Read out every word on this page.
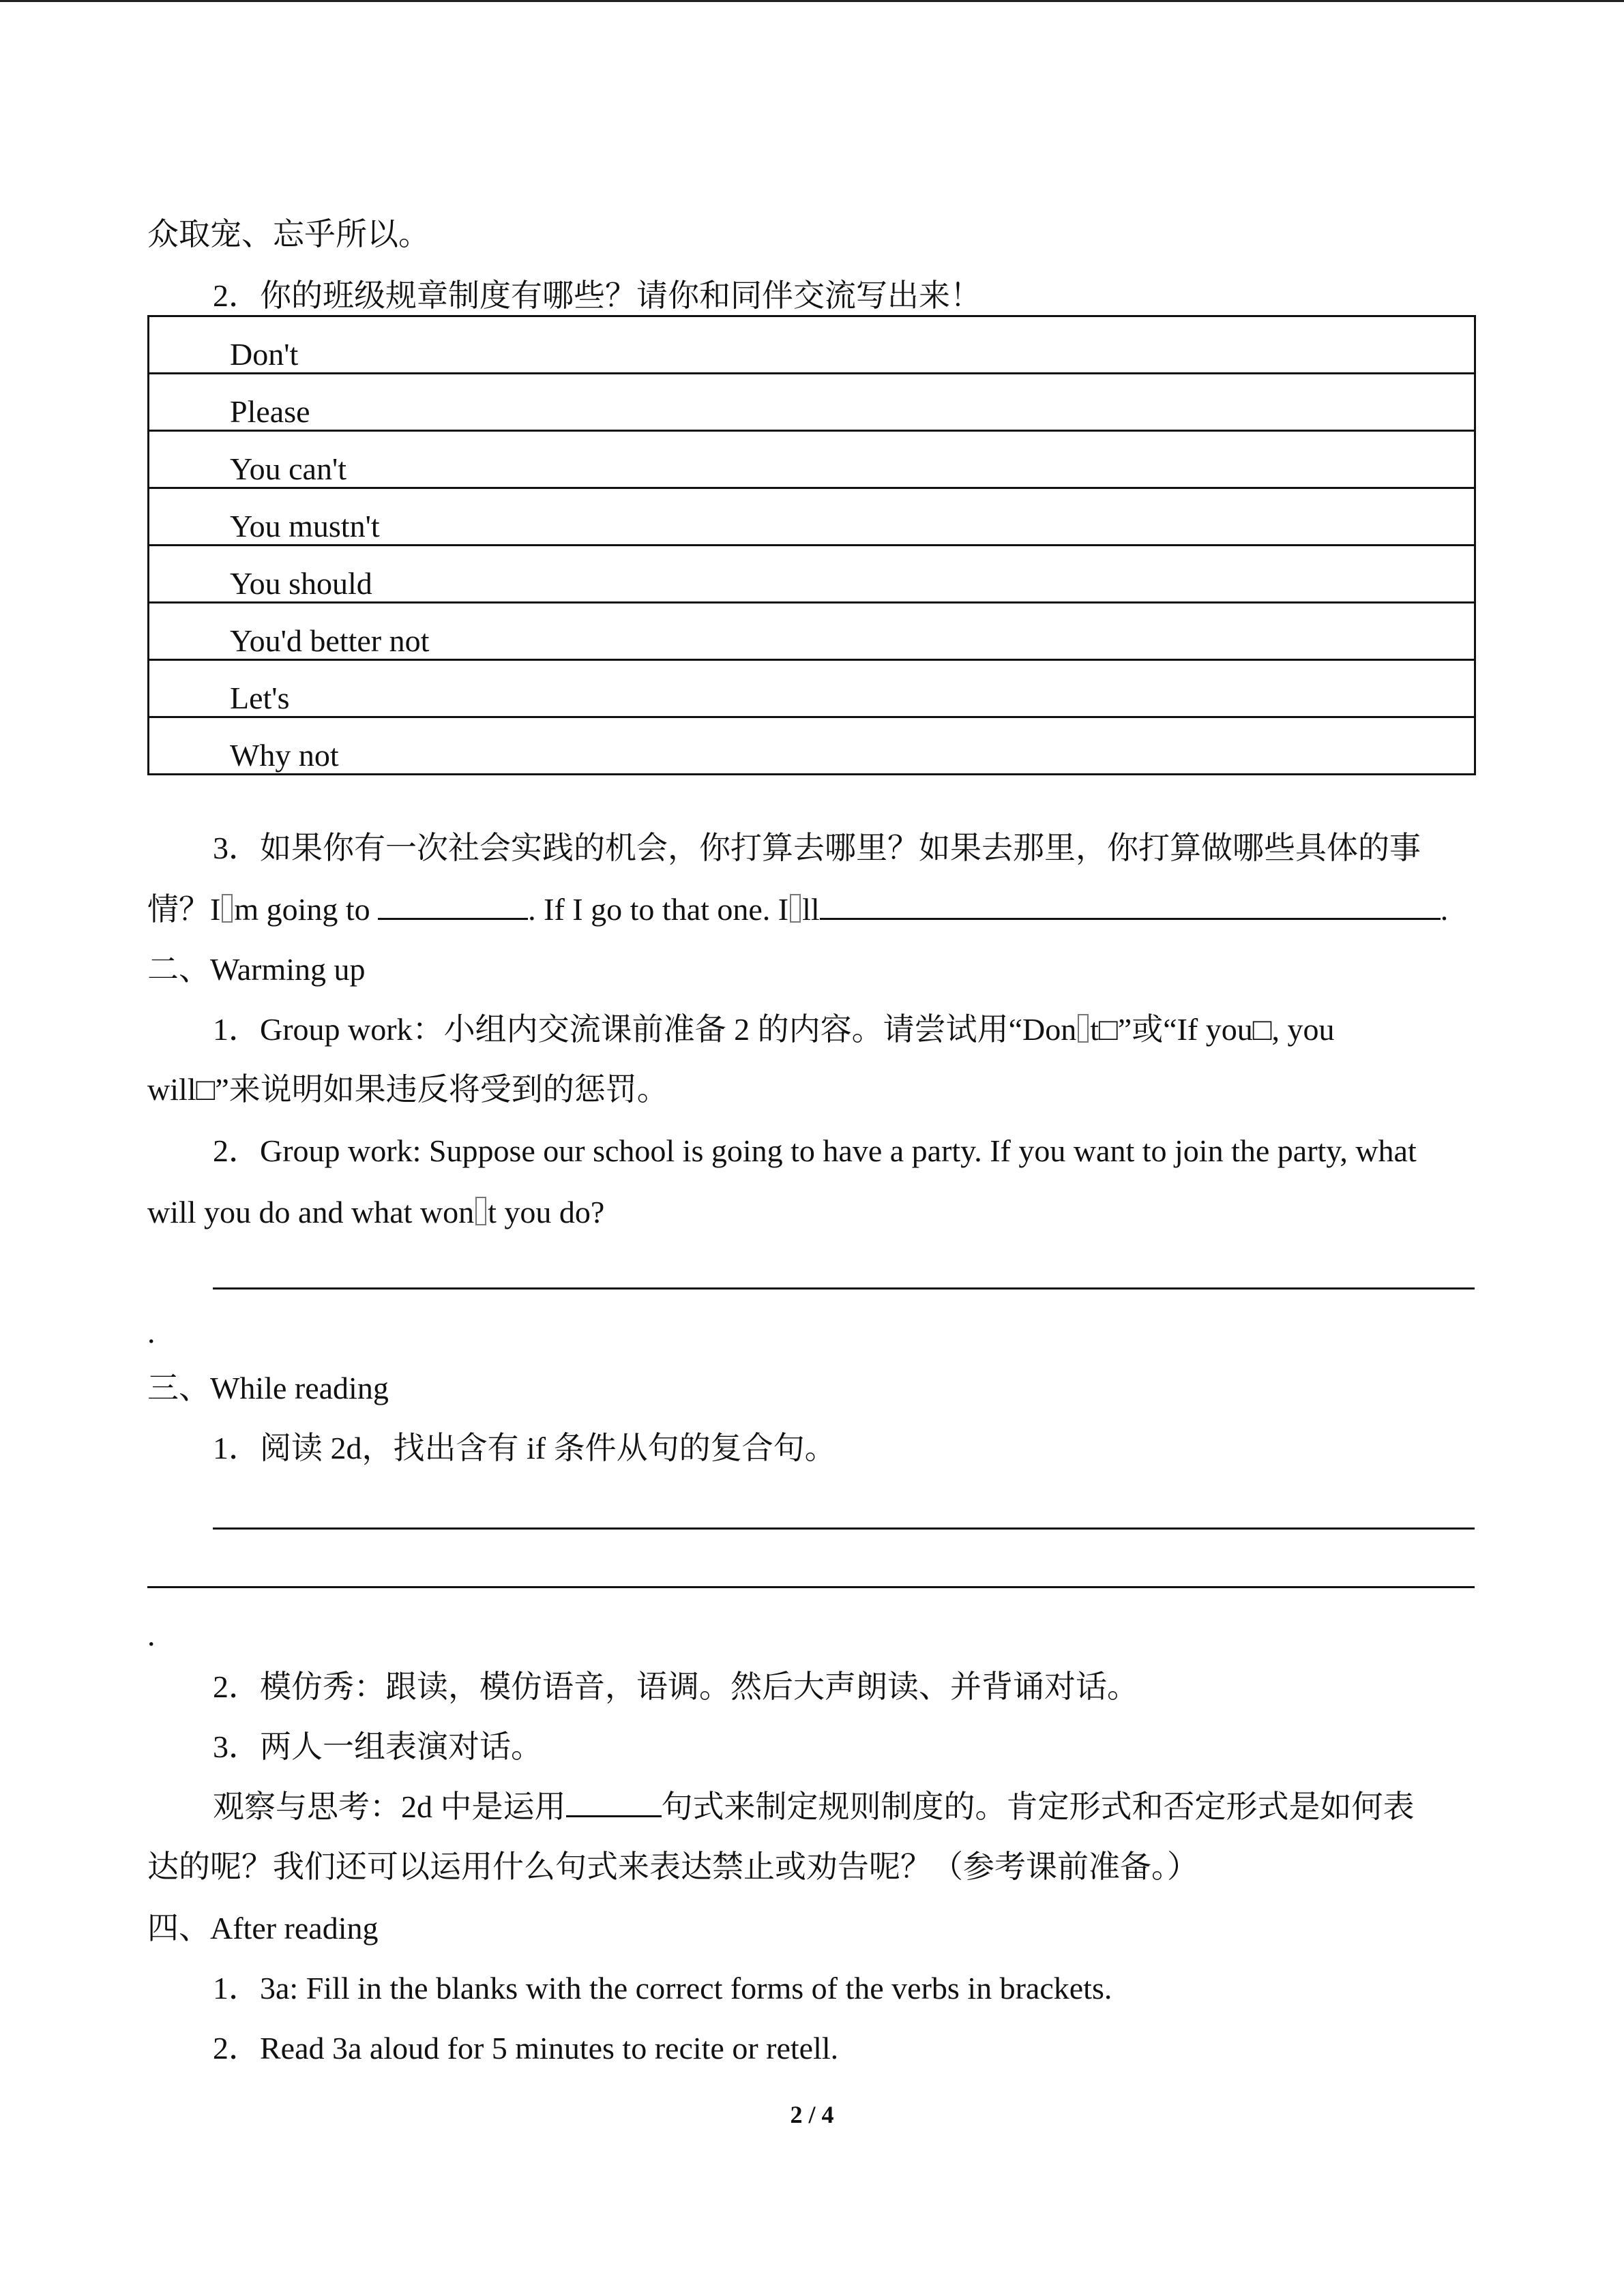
众取宠、忘乎所以。
2．你的班级规章制度有哪些？请你和同伴交流写出来！
Don't
Please
You can't
You mustn't
You should
You'd better not
Let's
Why not
3．如果你有一次社会实践的机会，你打算去哪里？如果去那里，你打算做哪些具体的事
情？I m going to	. If I go to that one. I ll	.
二、Warming up
1．Group work：小组内交流课前准备 2 的内容。请尝试用“Don t□”或“If you□, you
will□”来说明如果违反将受到的惩罚。
2．Group work: Suppose our school is going to have a party. If you want to join the party, what
will you do and what won t you do?
.
三、While reading
1．阅读 2d，找出含有 if 条件从句的复合句。
.
2．模仿秀：跟读，模仿语音，语调。然后大声朗读、并背诵对话。
3．两人一组表演对话。
观察与思考：2d 中是运用	句式来制定规则制度的。肯定形式和否定形式是如何表
达的呢？我们还可以运用什么句式来表达禁止或劝告呢？（参考课前准备。）
四、After reading
1．3a: Fill in the blanks with the correct forms of the verbs in brackets.
2．Read 3a aloud for 5 minutes to recite or retell.
2 / 4
